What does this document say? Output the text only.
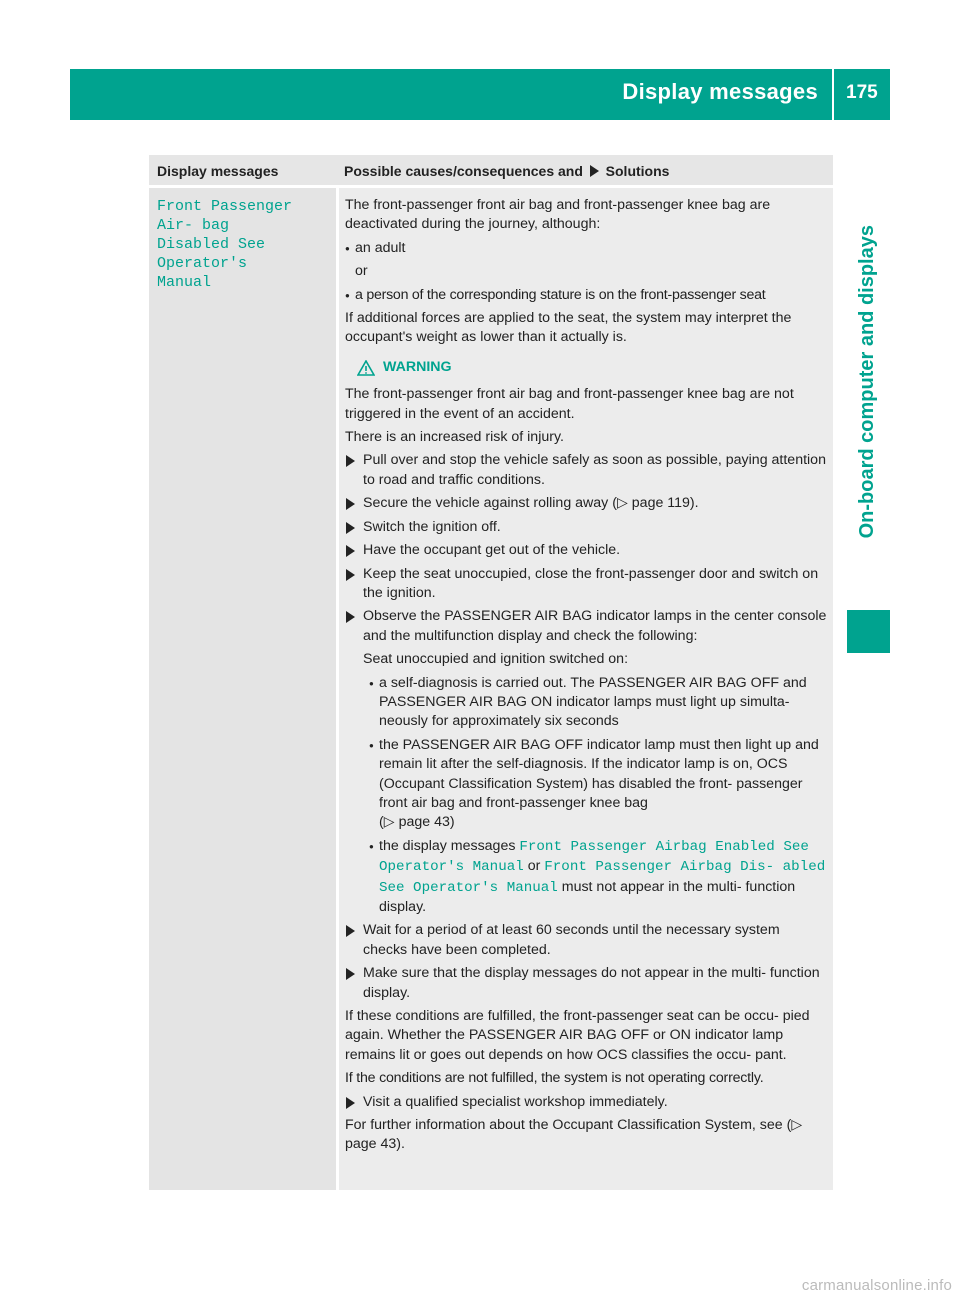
Display messages 175
On-board computer and displays
Display messages	Possible causes/consequences and Solutions
Front Passenger Air‐ bag Disabled See Operator's Manual

The front-passenger front air bag and front-passenger knee bag are deactivated during the journey, although:

● an adult
or
● a person of the corresponding stature is on the front-passenger seat

If additional forces are applied to the seat, the system may interpret the occupant's weight as lower than it actually is.

WARNING

The front-passenger front air bag and front-passenger knee bag are not triggered in the event of an accident.

There is an increased risk of injury.

Pull over and stop the vehicle safely as soon as possible, paying attention to road and traffic conditions.
Secure the vehicle against rolling away (▷ page 119).
Switch the ignition off.
Have the occupant get out of the vehicle.
Keep the seat unoccupied, close the front-passenger door and switch on the ignition.
Observe the PASSENGER AIR BAG indicator lamps in the center console and the multifunction display and check the following:
Seat unoccupied and ignition switched on:
● a self-diagnosis is carried out. The PASSENGER AIR BAG OFF and PASSENGER AIR BAG ON indicator lamps must light up simulta- neously for approximately six seconds
● the PASSENGER AIR BAG OFF indicator lamp must then light up and remain lit after the self-diagnosis. If the indicator lamp is on, OCS (Occupant Classification System) has disabled the front- passenger front air bag and front-passenger knee bag
(▷ page 43)
● the display messages Front Passenger Airbag Enabled See Operator's Manual or Front Passenger Airbag Dis‐ abled See Operator's Manual must not appear in the multi- function display.
Wait for a period of at least 60 seconds until the necessary system checks have been completed.
Make sure that the display messages do not appear in the multi- function display.

If these conditions are fulfilled, the front-passenger seat can be occu- pied again. Whether the PASSENGER AIR BAG OFF or ON indicator lamp remains lit or goes out depends on how OCS classifies the occu- pant.

If the conditions are not fulfilled, the system is not operating correctly.

Visit a qualified specialist workshop immediately.

For further information about the Occupant Classification System, see (▷ page 43).

carmanualsonline.info
